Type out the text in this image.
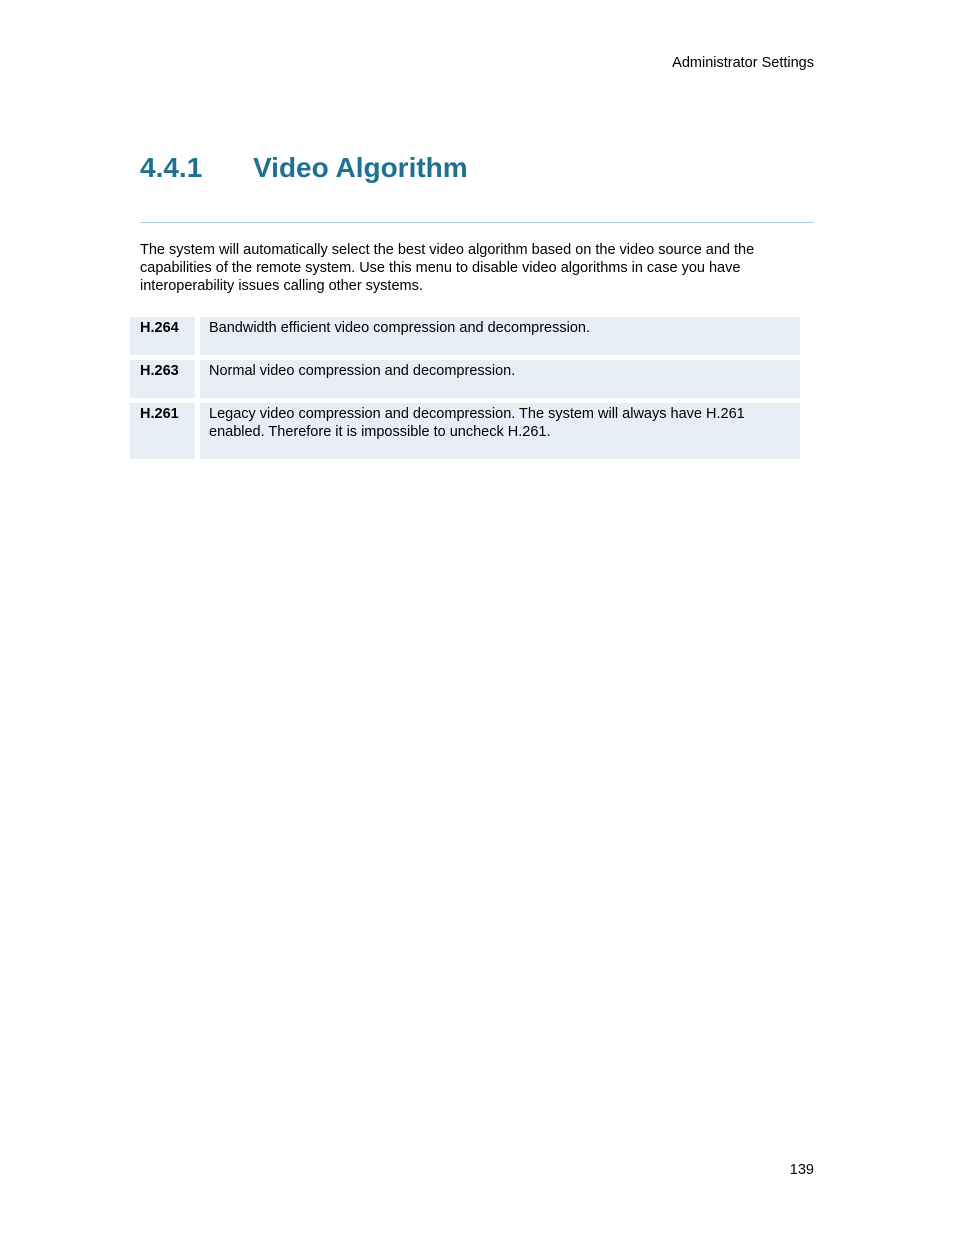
Administrator Settings
4.4.1 Video Algorithm

The system will automatically select the best video algorithm based on the video source and the capabilities of the remote system. Use this menu to disable video algorithms in case you have interoperability issues calling other systems.

H.264	Bandwidth efficient video compression and decompression.
H.263	Normal video compression and decompression.
H.261	Legacy video compression and decompression. The system will always have H.261 enabled. Therefore it is impossible to uncheck H.261.
139
